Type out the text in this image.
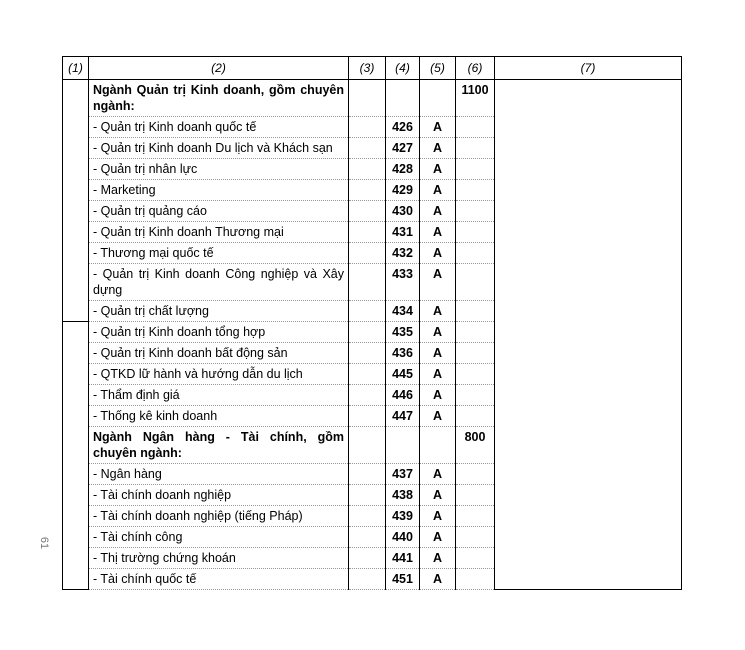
61
(1)	(2)	(3)	(4)	(5)	(6)	(7)
	Ngành Quản trị Kinh doanh, gồm chuyên ngành:				1100	
	- Quản trị Kinh doanh quốc tế		426	A		
	- Quản trị Kinh doanh Du lịch và Khách sạn		427	A		
	- Quản trị nhân lực		428	A		
	- Marketing		429	A		
	- Quản trị quảng cáo		430	A		
	- Quản trị Kinh doanh Thương mại		431	A		
	- Thương mại quốc tế		432	A		
	- Quản trị Kinh doanh Công nghiệp và Xây dựng		433	A		
	- Quản trị chất lượng		434	A		
	- Quản trị Kinh doanh tổng hợp		435	A		
	- Quản trị Kinh doanh bất động sản		436	A		
	- QTKD lữ hành và hướng dẫn du lịch		445	A		
	- Thẩm định giá		446	A		
	- Thống kê kinh doanh		447	A		
	Ngành Ngân hàng - Tài chính, gồm chuyên ngành:				800	
	- Ngân hàng		437	A		
	- Tài chính doanh nghiệp		438	A		
	- Tài chính doanh nghiệp (tiếng Pháp)		439	A		
	- Tài chính công		440	A		
	- Thị trường chứng khoán		441	A		
	- Tài chính quốc tế		451	A		
